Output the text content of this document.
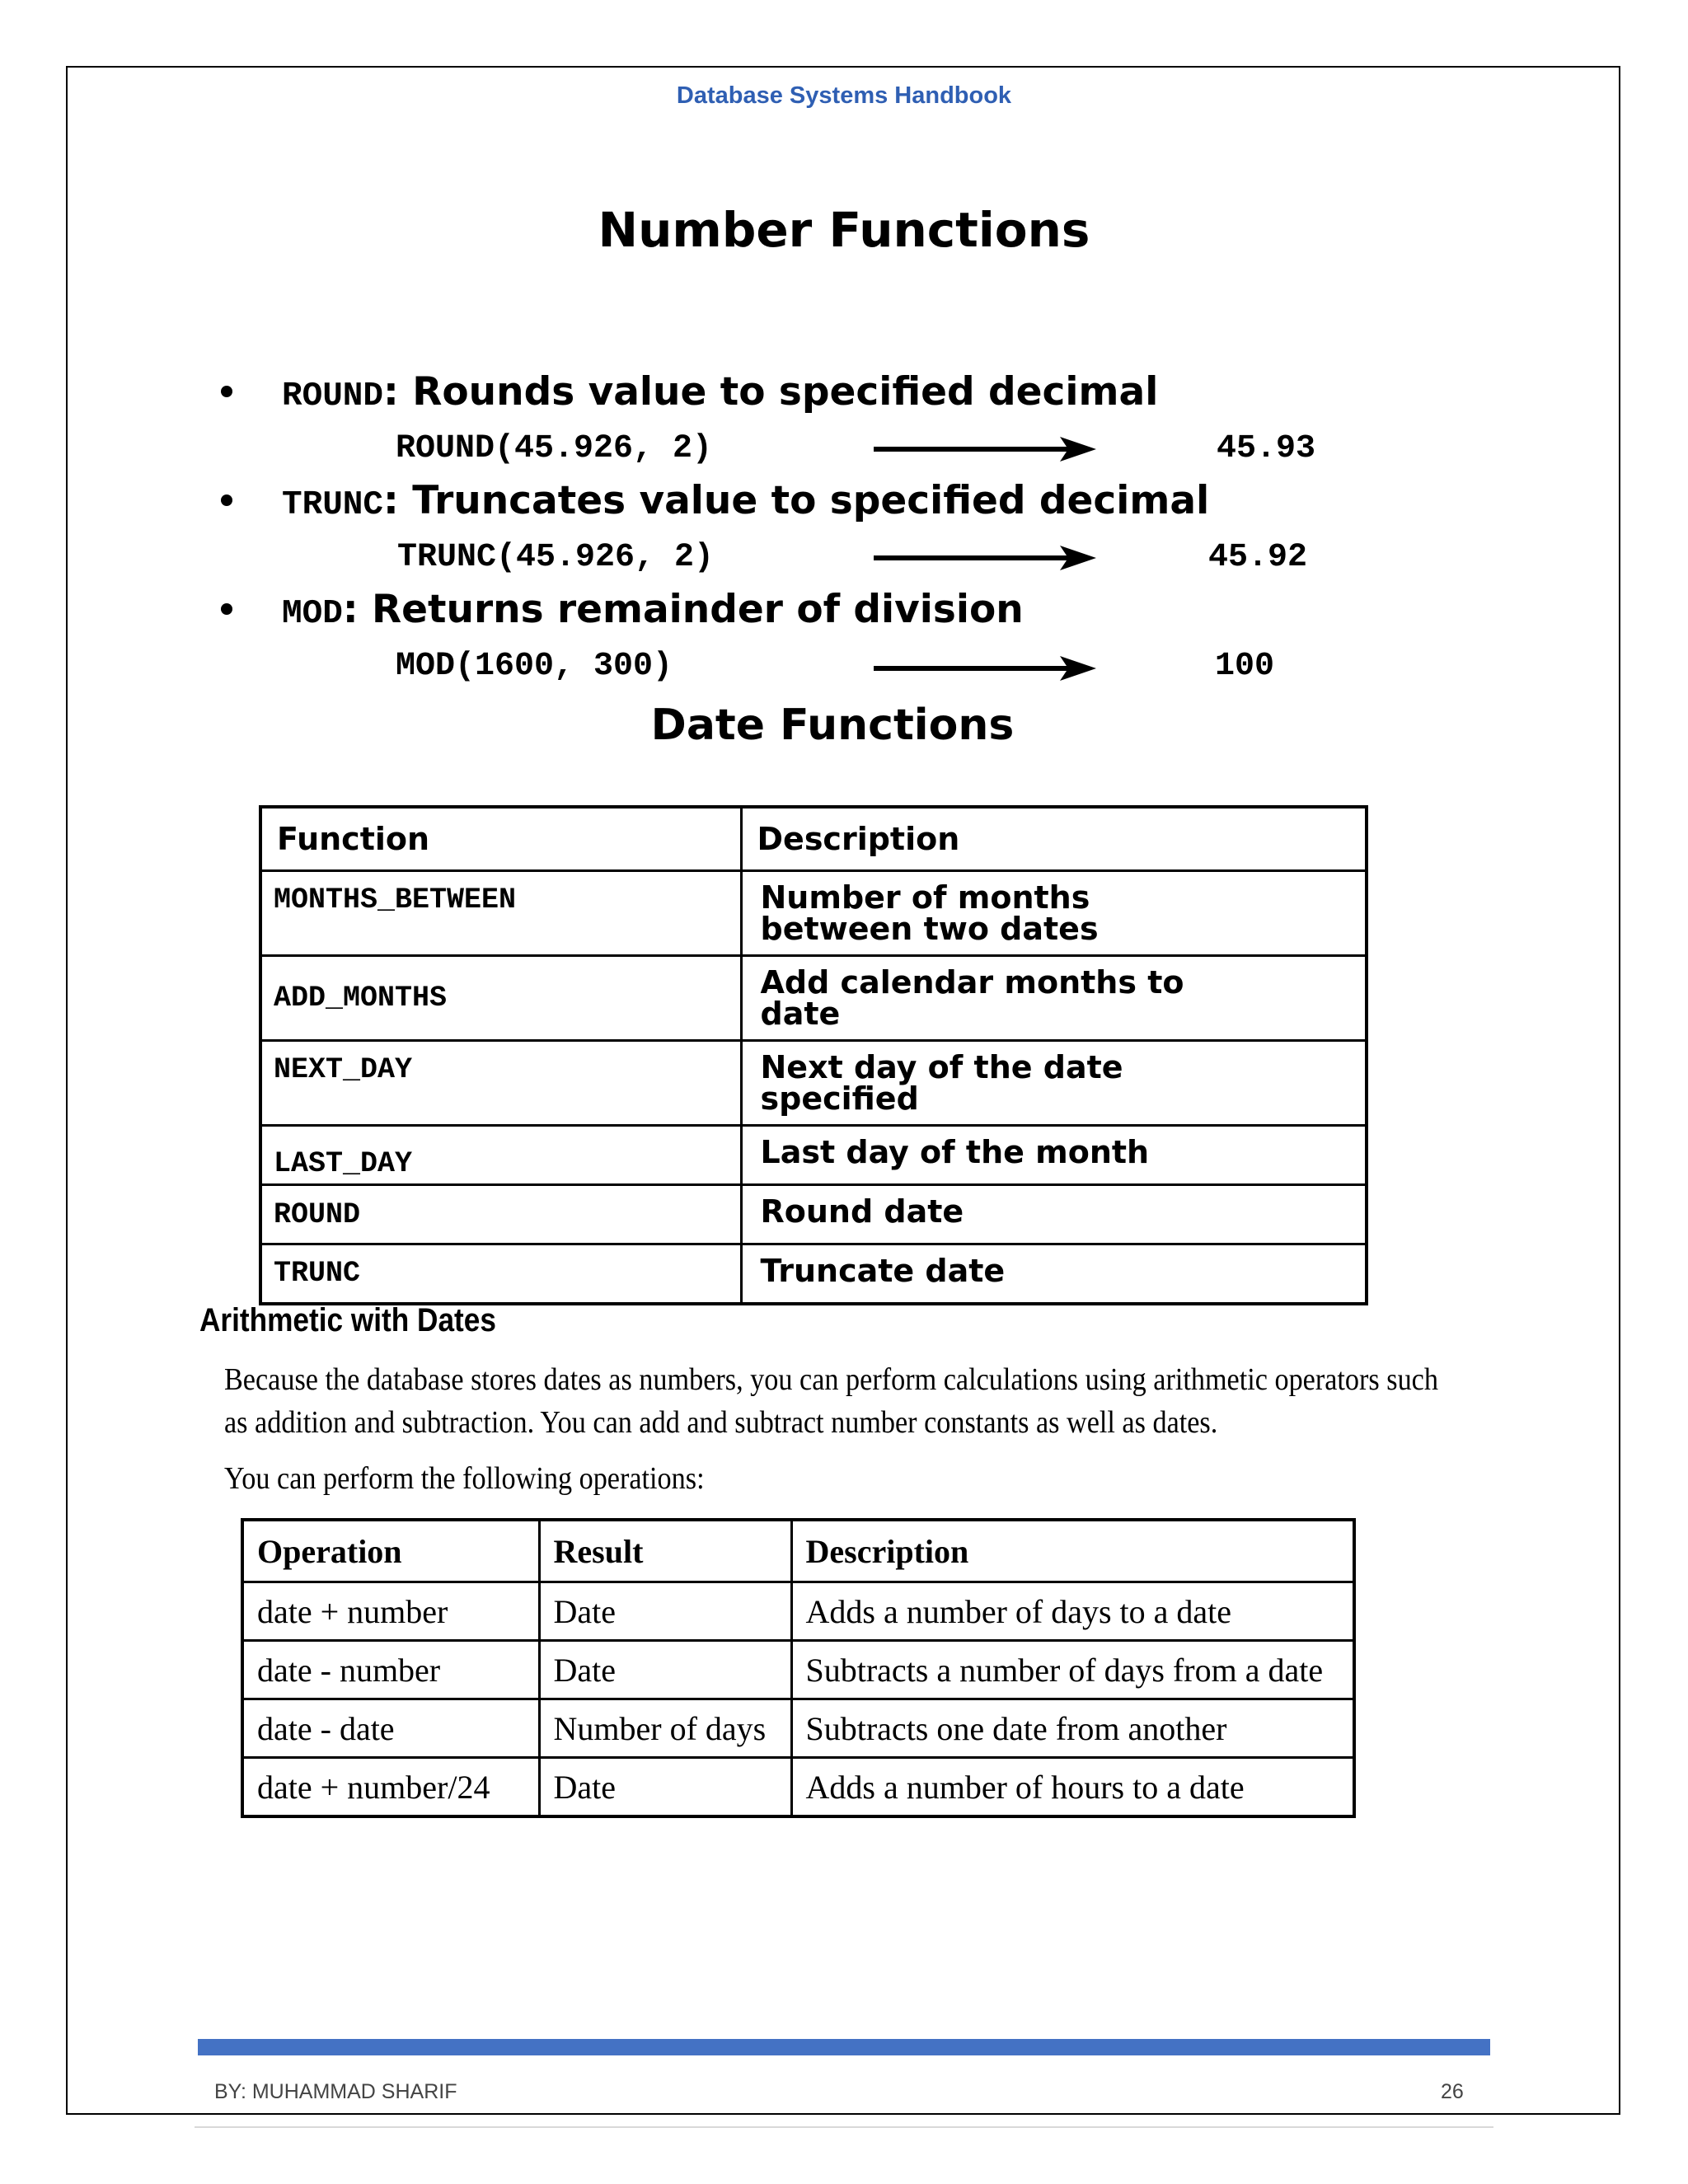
Database Systems Handbook
Number Functions
ROUND: Rounds value to specified decimal
ROUND(45.926, 2)	45.93
TRUNC: Truncates value to specified decimal
TRUNC(45.926, 2)	45.92
MOD: Returns remainder of division
MOD(1600, 300)	100
Date Functions
Function	Description
MONTHS_BETWEEN	Number of months
between two dates

ADD_MONTHS	Add calendar months to
date

NEXT_DAY	Next day of the date
specified

LAST_DAY	Last day of the month

ROUND	Round date

TRUNC	Truncate date
Arithmetic with Dates
Because the database stores dates as numbers, you can perform calculations using arithmetic operators such
as addition and subtraction. You can add and subtract number constants as well as dates.
You can perform the following operations:
Operation	Result	Description
date + number	Date	Adds a number of days to a date
date - number	Date	Subtracts a number of days from a date
date - date	Number of days	Subtracts one date from another
date + number/24	Date	Adds a number of hours to a date
BY: MUHAMMAD SHARIF	26
